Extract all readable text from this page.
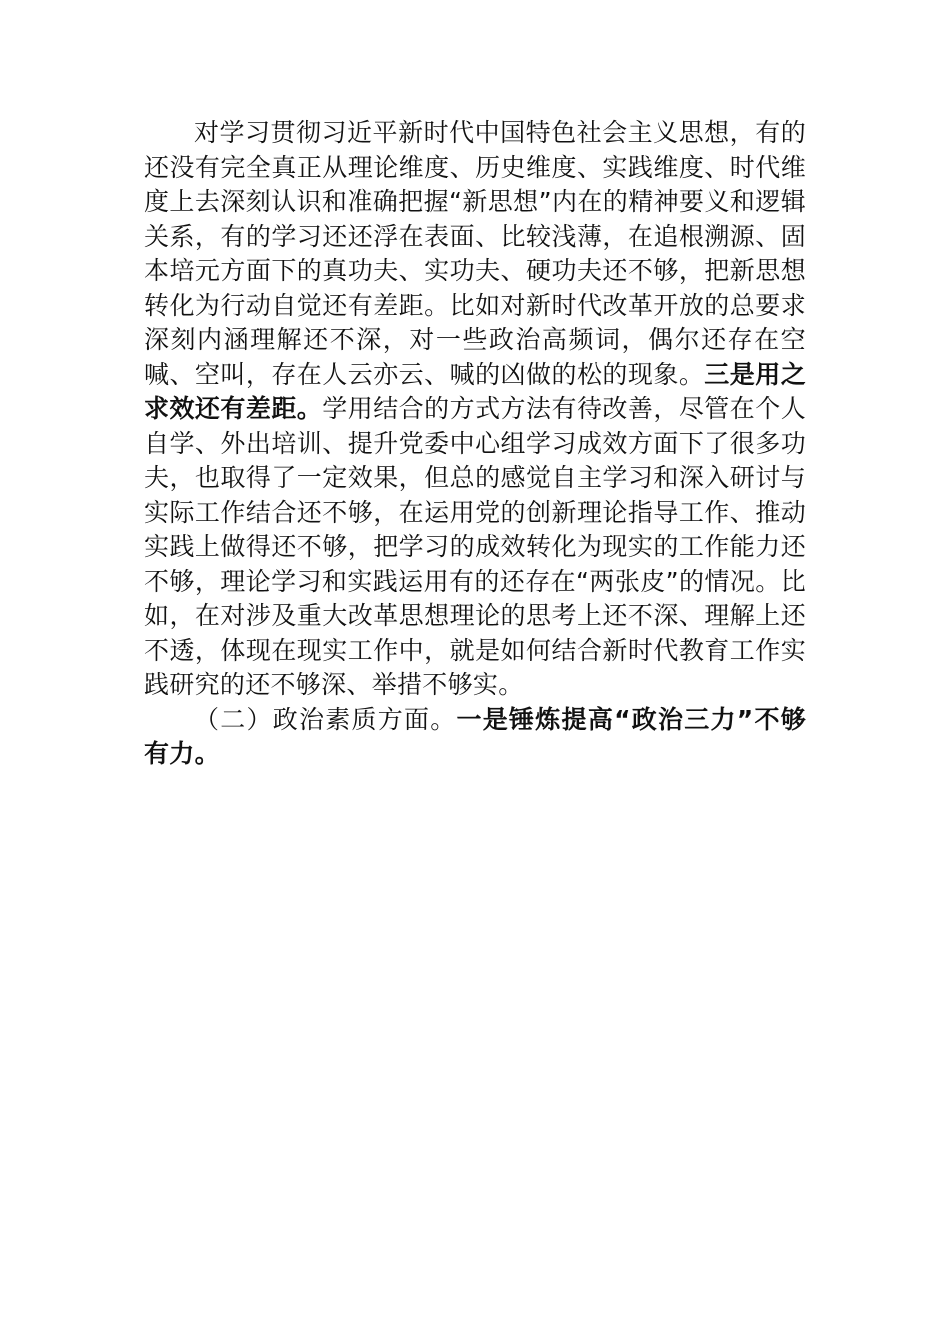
对学习贯彻习近平新时代中国特色社会主义思想，有的还没有完全真正从理论维度、历史维度、实践维度、时代维度上去深刻认识和准确把握“新思想”内在的精神要义和逻辑关系，有的学习还还浮在表面、比较浅薄，在追根溯源、固本培元方面下的真功夫、实功夫、硬功夫还不够，把新思想转化为行动自觉还有差距。比如对新时代改革开放的总要求深刻内涵理解还不深，对一些政治高频词，偶尔还存在空喊、空叫，存在人云亦云、喊的凶做的松的现象。三是用之求效还有差距。学用结合的方式方法有待改善，尽管在个人自学、外出培训、提升党委中心组学习成效方面下了很多功夫，也取得了一定效果，但总的感觉自主学习和深入研讨与实际工作结合还不够，在运用党的创新理论指导工作、推动实践上做得还不够，把学习的成效转化为现实的工作能力还不够，理论学习和实践运用有的还存在“两张皮”的情况。比如，在对涉及重大改革思想理论的思考上还不深、理解上还不透，体现在现实工作中，就是如何结合新时代教育工作实践研究的还不够深、举措不够实。

（二）政治素质方面。一是锤炼提高“政治三力”不够有力。
